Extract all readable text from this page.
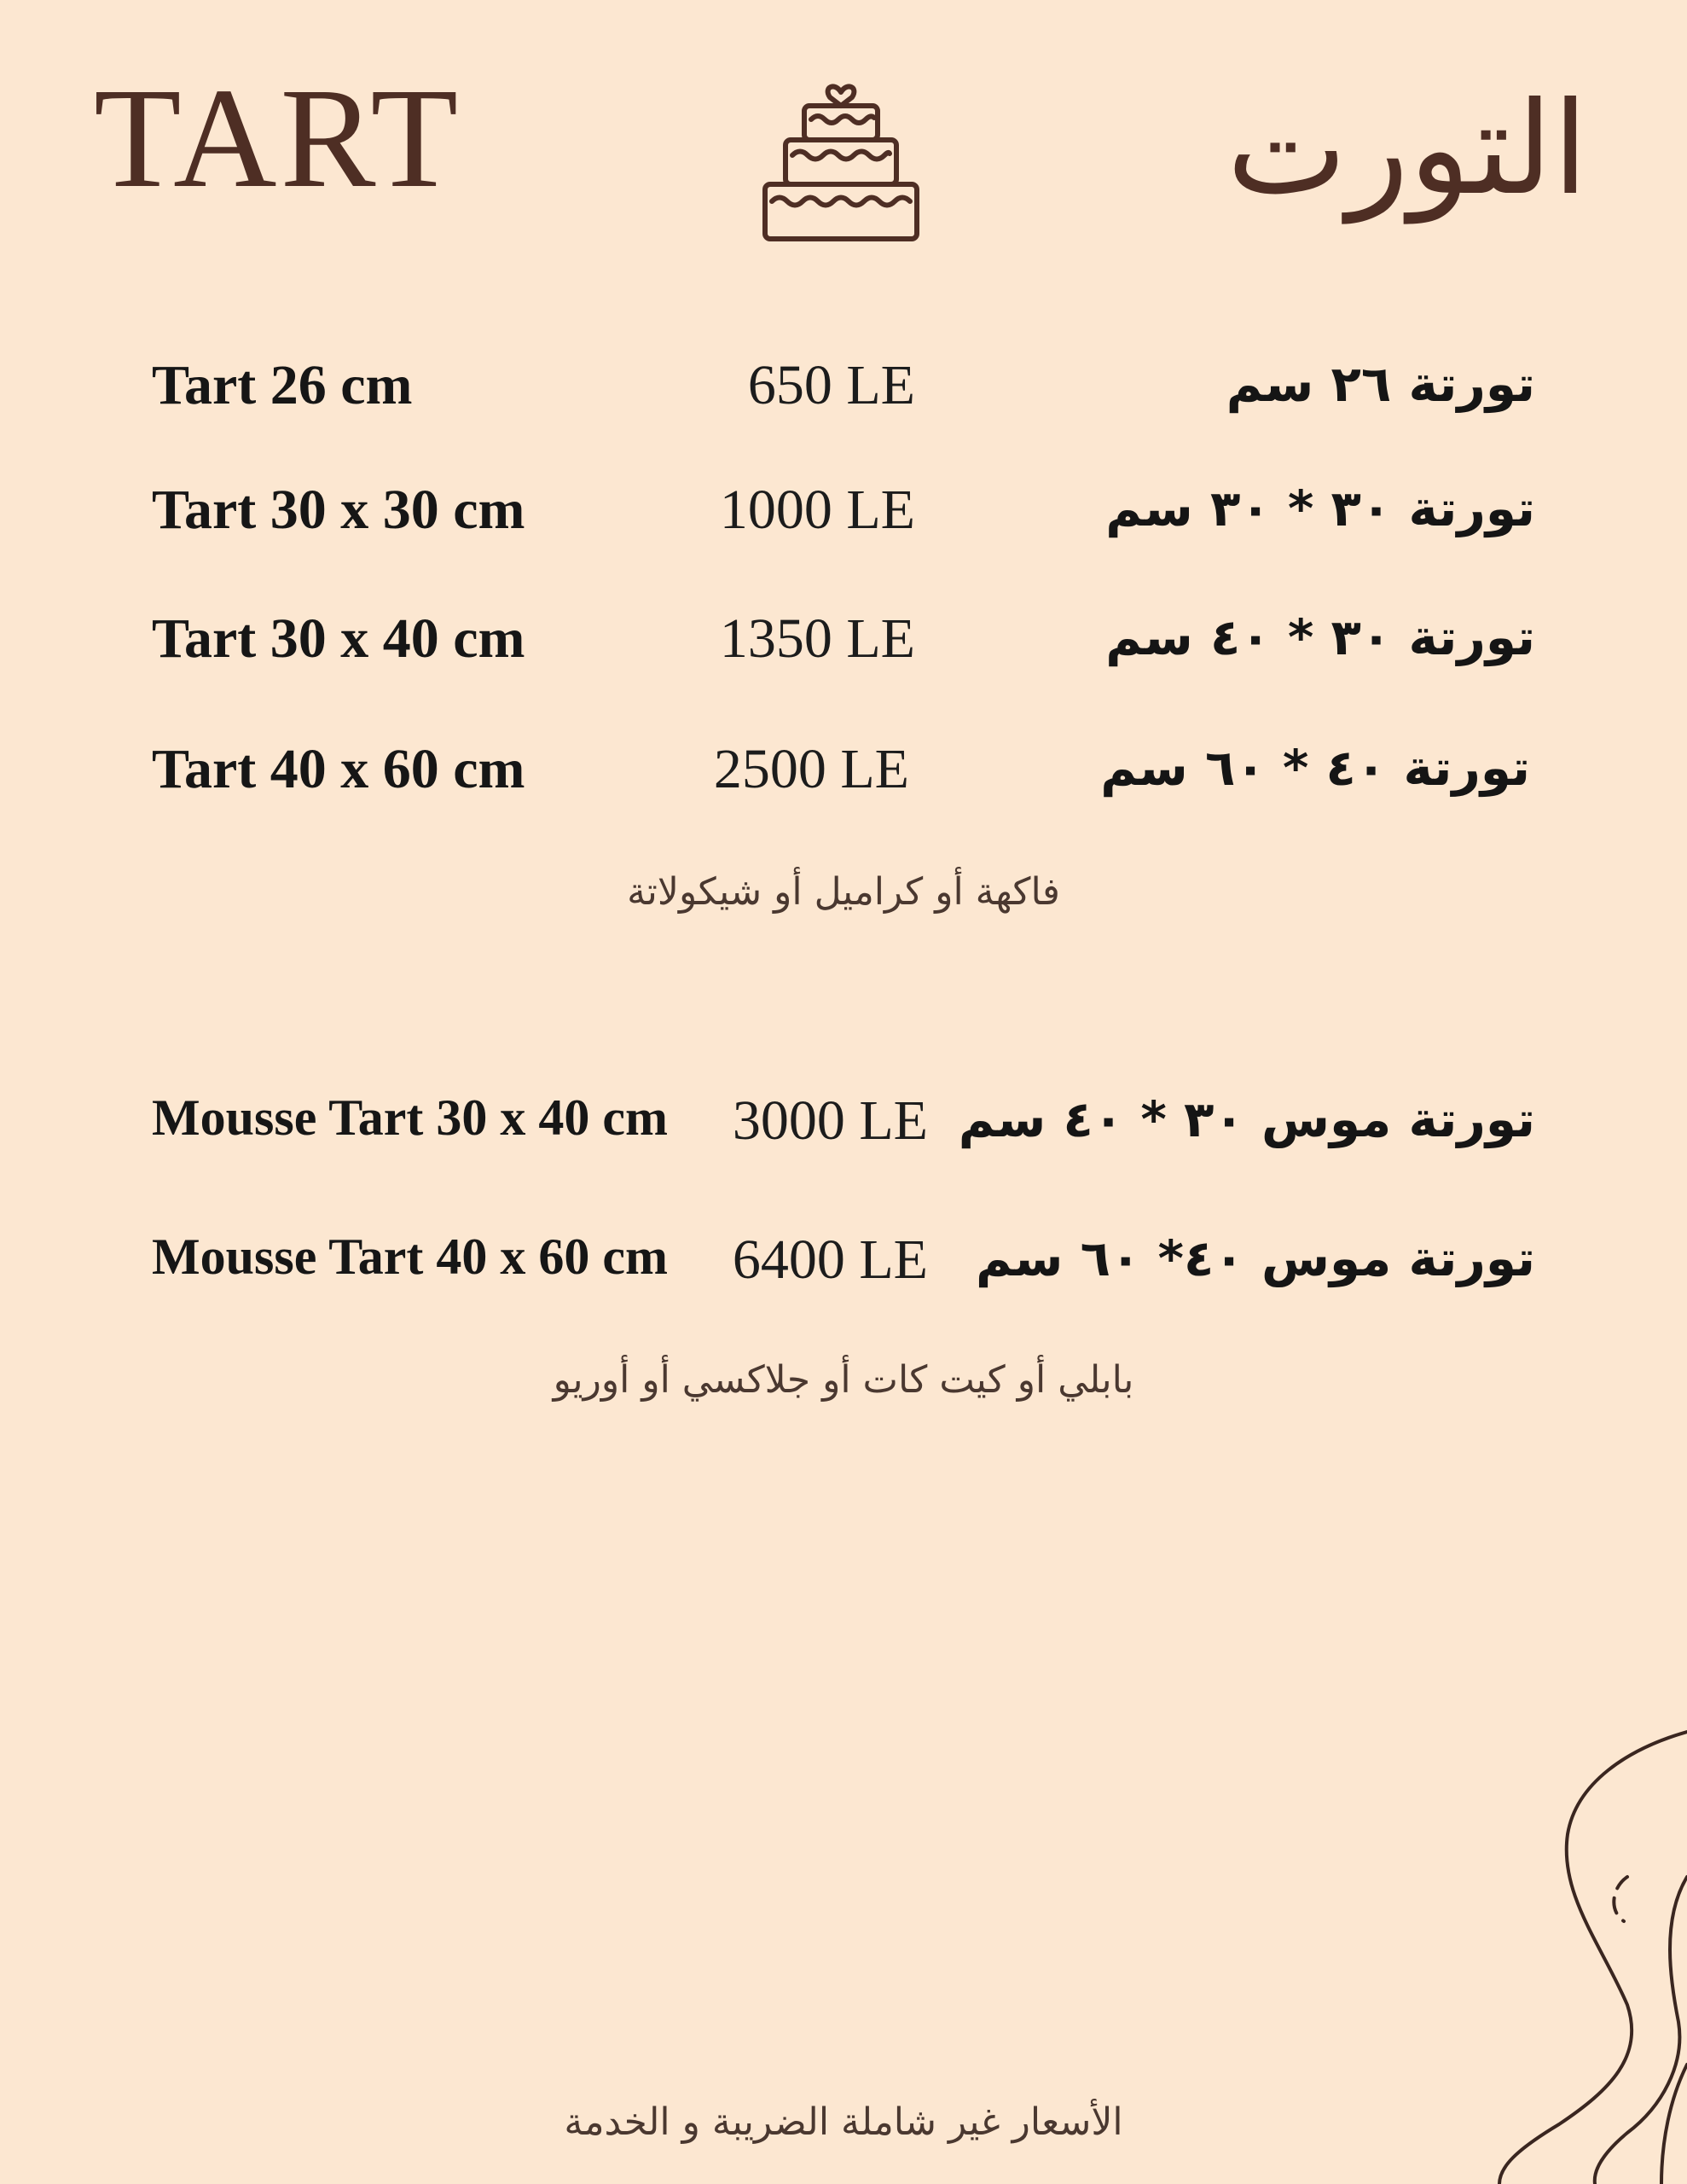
TART	التورت
Tart 26 cm	650 LE	تورتة ٢٦ سم
Tart 30 x 30 cm	1000 LE	تورتة ٣٠ * ٣٠ سم
Tart 30 x 40 cm	1350 LE	تورتة ٣٠ * ٤٠ سم
Tart 40 x 60 cm	2500 LE	تورتة ٤٠ * ٦٠ سم
فاكهة أو كراميل أو شيكولاتة
Mousse Tart 30 x 40 cm 3000 LE تورتة موس ٣٠ * ٤٠ سم
Mousse Tart 40 x 60 cm 6400 LE تورتة موس ٤٠* ٦٠ سم
بابلي أو كيت كات أو جلاكسي أو أوريو
الأسعار غير شاملة الضريبة و الخدمة
